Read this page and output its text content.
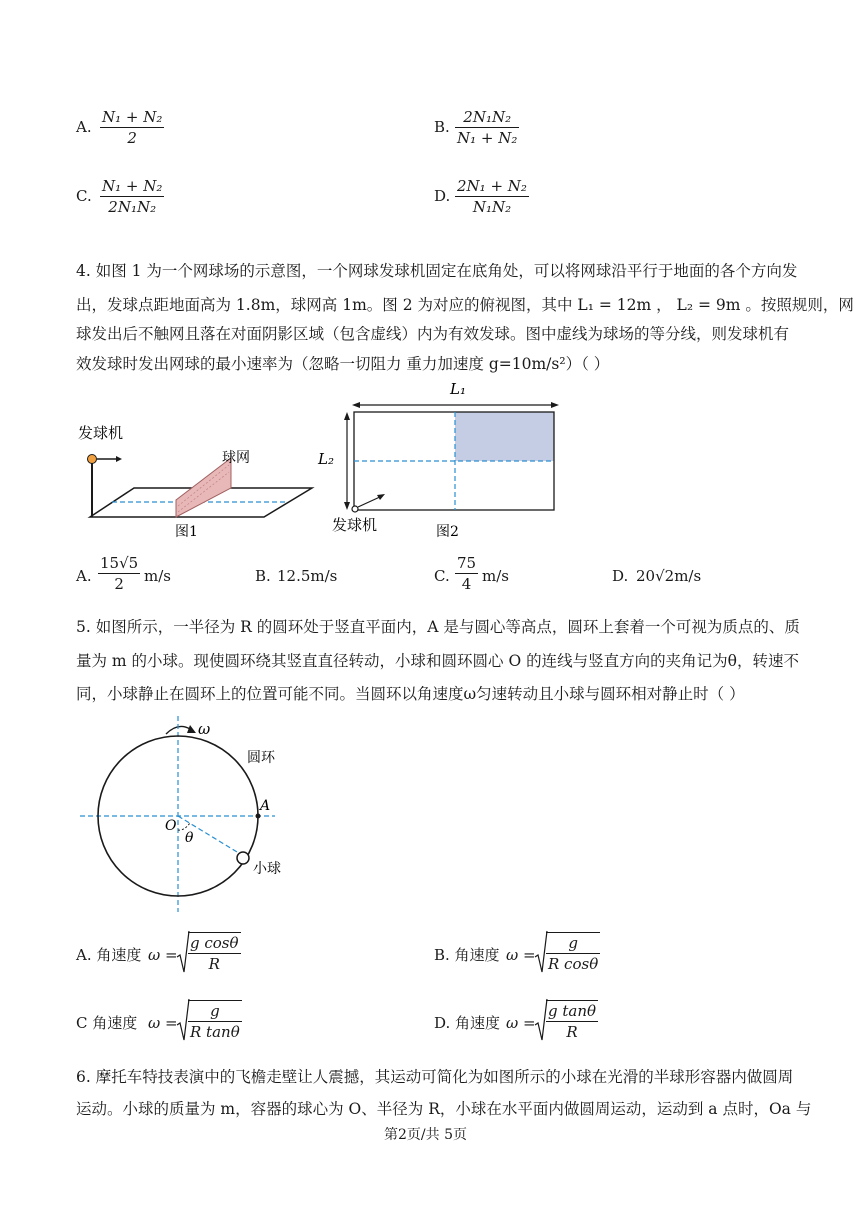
A.
N₁ + N₂
2
B.
2N₁N₂
N₁ + N₂
C.
N₁ + N₂
2N₁N₂
D.
2N₁ + N₂
N₁N₂
4. 如图 1 为一个网球场的示意图，一个网球发球机固定在底角处，可以将网球沿平行于地面的各个方向发
出，发球点距地面高为 1.8m，球网高 1m。图 2 为对应的俯视图，其中 L₁ = 12m ， L₂ = 9m 。按照规则，网
球发出后不触网且落在对面阴影区域（包含虚线）内为有效发球。图中虚线为球场的等分线，则发球机有
效发球时发出网球的最小速率为（忽略一切阻力 重力加速度 g=10m/s²）（ ）
发球机
球网
图1
L₁
L₂
发球机	图2
A.
15√5
2 m/s	B. 12.5m/s	C.
75
4 m/s	D. 20√2m/s
5. 如图所示，一半径为 R 的圆环处于竖直平面内，A 是与圆心等高点，圆环上套着一个可视为质点的、质
量为 m 的小球。现使圆环绕其竖直直径转动，小球和圆环圆心 O 的连线与竖直方向的夹角记为θ，转速不
同，小球静止在圆环上的位置可能不同。当圆环以角速度ω匀速转动且小球与圆环相对静止时（ ）
ω
圆环
A
O
θ
小球
A. 角速度 ω =
g cosθ
R	B. 角速度 ω =
g
R cosθ
C 角速度 ω =
g
R tanθ	D. 角速度 ω =
g tanθ
R
6. 摩托车特技表演中的飞檐走壁让人震撼，其运动可简化为如图所示的小球在光滑的半球形容器内做圆周
运动。小球的质量为 m，容器的球心为 O、半径为 R，小球在水平面内做圆周运动，运动到 a 点时，Oa 与
第2页/共 5页
